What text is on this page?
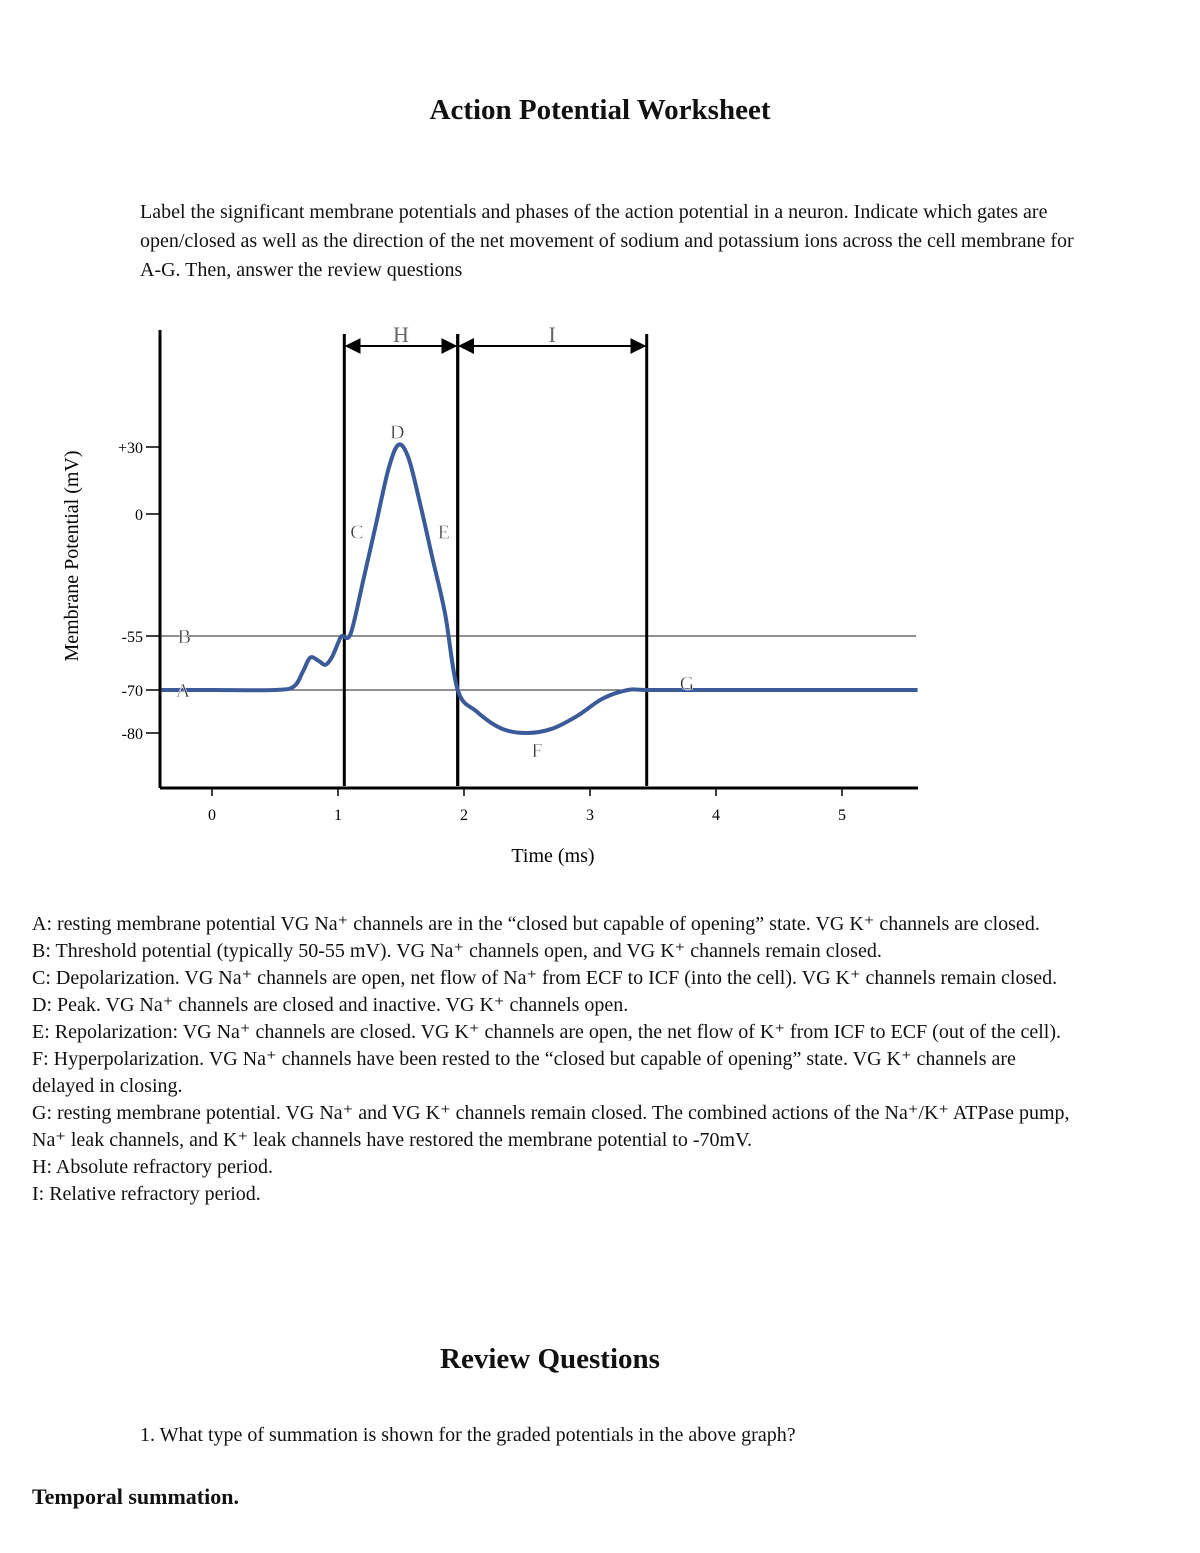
Action Potential Worksheet
Label the significant membrane potentials and phases of the action potential in a neuron. Indicate which gates are open/closed as well as the direction of the net movement of sodium and potassium ions across the cell membrane for A-G. Then, answer the review questions
+30
0
-55
-70
-80
0	1	2	3	4	5
Membrane Potential (mV)
Time (ms)
H	I
A
B
C
D
E
F
G

A: resting membrane potential VG Na⁺ channels are in the “closed but capable of opening” state. VG K⁺ channels are closed.

B: Threshold potential (typically 50-55 mV). VG Na⁺ channels open, and VG K⁺ channels remain closed.

C: Depolarization. VG Na⁺ channels are open, net flow of Na⁺ from ECF to ICF (into the cell). VG K⁺ channels remain closed.

D: Peak. VG Na⁺ channels are closed and inactive. VG K⁺ channels open.

E: Repolarization: VG Na⁺ channels are closed. VG K⁺ channels are open, the net flow of K⁺ from ICF to ECF (out of the cell).

F: Hyperpolarization. VG Na⁺ channels have been rested to the “closed but capable of opening” state. VG K⁺ channels are delayed in closing.

G: resting membrane potential. VG Na⁺ and VG K⁺ channels remain closed. The combined actions of the Na⁺/K⁺ ATPase pump, Na⁺ leak channels, and K⁺ leak channels have restored the membrane potential to -70mV.

H: Absolute refractory period.

I: Relative refractory period.

Review Questions
1. What type of summation is shown for the graded potentials in the above graph?
Temporal summation.
